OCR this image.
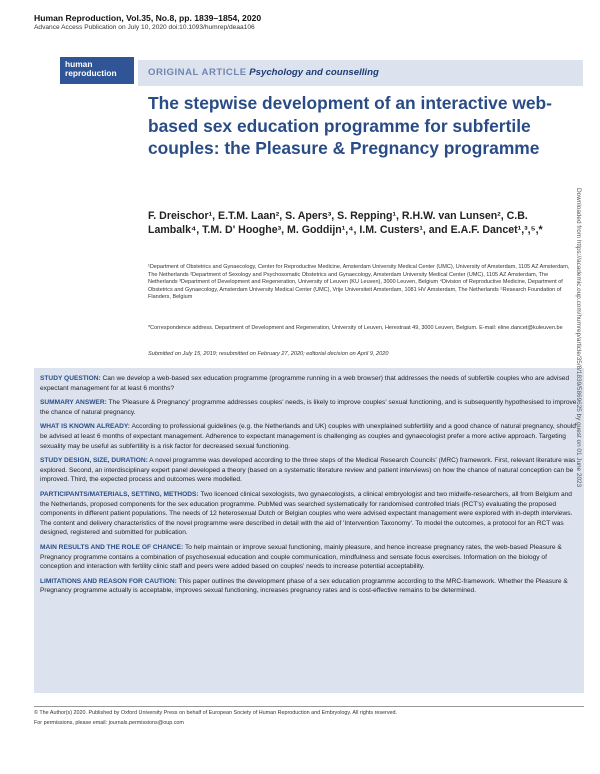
Human Reproduction, Vol.35, No.8, pp. 1839–1854, 2020
Advance Access Publication on July 10, 2020 doi:10.1093/humrep/deaa106
human
reproduction	ORIGINAL ARTICLE Psychology and counselling
The stepwise development of an interactive web-based sex education programme for subfertile couples: the Pleasure & Pregnancy programme
F. Dreischor¹, E.T.M. Laan², S. Apers³, S. Repping¹, R.H.W. van Lunsen², C.B. Lambalk⁴, T.M. D' Hooghe³, M. Goddijn¹,⁴, I.M. Custers¹, and E.A.F. Dancet¹,³,⁵,*
¹Department of Obstetrics and Gynaecology, Center for Reproductive Medicine, Amsterdam University Medical Center (UMC), University of Amsterdam, 1105 AZ Amsterdam, The Netherlands ²Department of Sexology and Psychosomatic Obstetrics and Gynaecology, Amsterdam University Medical Center (UMC), 1105 AZ Amsterdam, The Netherlands ³Department of Development and Regeneration, University of Leuven (KU Leuven), 3000 Leuven, Belgium ⁴Division of Reproductive Medicine, Department of Obstetrics and Gynaecology, Amsterdam University Medical Center (UMC), Vrije Universiteit Amsterdam, 1081 HV Amsterdam, The Netherlands ⁵Research Foundation of Flanders, Belgium
*Correspondence address. Department of Development and Regeneration, University of Leuven, Herestraat 49, 3000 Leuven, Belgium. E-mail: eline.dancet@kuleuven.be
Submitted on July 15, 2019; resubmitted on February 27, 2020; editorial decision on April 9, 2020

STUDY QUESTION: Can we develop a web-based sex education programme (programme running in a web browser) that addresses the needs of subfertile couples who are advised expectant management for at least 6 months?

SUMMARY ANSWER: The 'Pleasure & Pregnancy' programme addresses couples' needs, is likely to improve couples' sexual functioning, and is subsequently hypothesised to improve the chance of natural pregnancy.

WHAT IS KNOWN ALREADY: According to professional guidelines (e.g. the Netherlands and UK) couples with unexplained subfertility and a good chance of natural pregnancy, should be advised at least 6 months of expectant management. Adherence to expectant management is challenging as couples and gynaecologist prefer a more active approach. Targeting sexuality may be useful as subfertility is a risk factor for decreased sexual functioning.

STUDY DESIGN, SIZE, DURATION: A novel programme was developed according to the three steps of the Medical Research Councils' (MRC) framework. First, relevant literature was explored. Second, an interdisciplinary expert panel developed a theory (based on a systematic literature review and patient interviews) on how the chance of natural conception can be improved. Third, the expected process and outcomes were modelled.

PARTICIPANTS/MATERIALS, SETTING, METHODS: Two licenced clinical sexologists, two gynaecologists, a clinical embryologist and two midwife-researchers, all from Belgium and the Netherlands, proposed components for the sex education programme. PubMed was searched systematically for randomised controlled trials (RCT's) evaluating the proposed components in different patient populations. The needs of 12 heterosexual Dutch or Belgian couples who were advised expectant management were explored with in-depth interviews. The content and delivery characteristics of the novel programme were described in detail with the aid of 'Intervention Taxonomy'. To model the outcomes, a protocol for an RCT was designed, registered and submitted for publication.

MAIN RESULTS AND THE ROLE OF CHANCE: To help maintain or improve sexual functioning, mainly pleasure, and hence increase pregnancy rates, the web-based Pleasure & Pregnancy programme contains a combination of psychosexual education and couple communication, mindfulness and sensate focus exercises. Information on the biology of conception and interaction with fertility clinic staff and peers were added based on couples' needs to increase potential acceptability.

LIMITATIONS AND REASON FOR CAUTION: This paper outlines the development phase of a sex education programme according to the MRC-framework. Whether the Pleasure & Pregnancy programme actually is acceptable, improves sexual functioning, increases pregnancy rates and is cost-effective remains to be determined.

© The Author(s) 2020. Published by Oxford University Press on behalf of European Society of Human Reproduction and Embryology. All rights reserved.
For permissions, please email: journals.permissions@oup.com
Downloaded from https://academic.oup.com/humrep/article/35/8/1839/5869625 by guest on 01 June 2023
